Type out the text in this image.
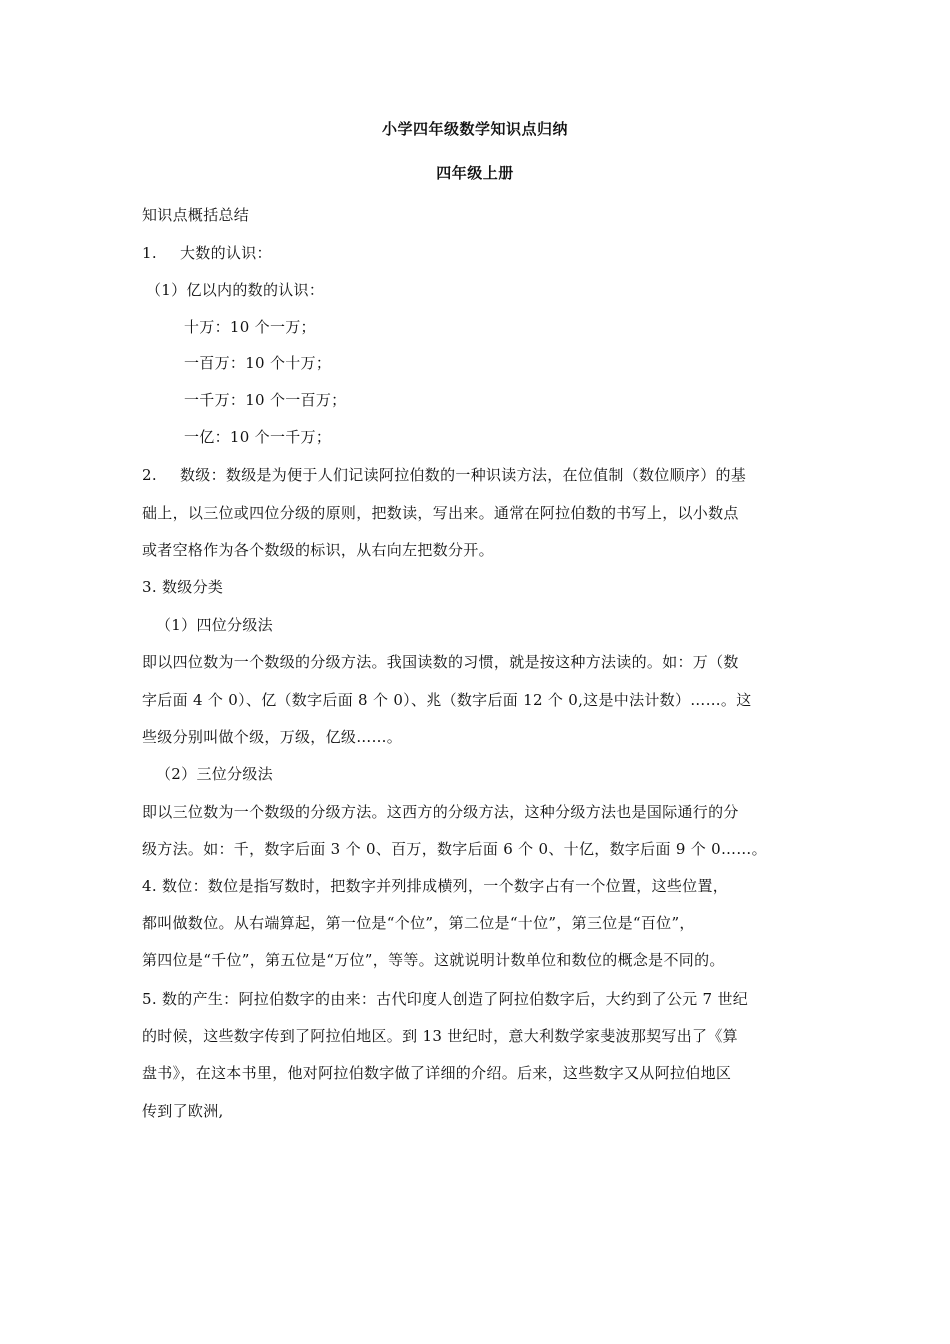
小学四年级数学知识点归纳
四年级上册
知识点概括总结
1. 大数的认识：
（1）亿以内的数的认识：
十万：10 个一万；
一百万：10 个十万；
一千万：10 个一百万；
一亿：10 个一千万；
2. 数级：数级是为便于人们记读阿拉伯数的一种识读方法，在位值制（数位顺序）的基
础上，以三位或四位分级的原则，把数读，写出来。通常在阿拉伯数的书写上，以小数点
或者空格作为各个数级的标识，从右向左把数分开。
3. 数级分类
（1）四位分级法
即以四位数为一个数级的分级方法。我国读数的习惯，就是按这种方法读的。如：万（数
字后面 4 个 0）、亿（数字后面 8 个 0）、兆（数字后面 12 个 0,这是中法计数）……。这
些级分别叫做个级，万级，亿级……。
（2）三位分级法
即以三位数为一个数级的分级方法。这西方的分级方法，这种分级方法也是国际通行的分
级方法。如：千，数字后面 3 个 0、百万，数字后面 6 个 0、十亿，数字后面 9 个 0……。
4. 数位：数位是指写数时，把数字并列排成横列，一个数字占有一个位置，这些位置，
都叫做数位。从右端算起，第一位是“个位”，第二位是“十位”，第三位是“百位”，
第四位是“千位”，第五位是“万位”，等等。这就说明计数单位和数位的概念是不同的。
5. 数的产生：阿拉伯数字的由来：古代印度人创造了阿拉伯数字后，大约到了公元 7 世纪
的时候，这些数字传到了阿拉伯地区。到 13 世纪时，意大利数学家斐波那契写出了《算
盘书》，在这本书里，他对阿拉伯数字做了详细的介绍。后来，这些数字又从阿拉伯地区
传到了欧洲,
